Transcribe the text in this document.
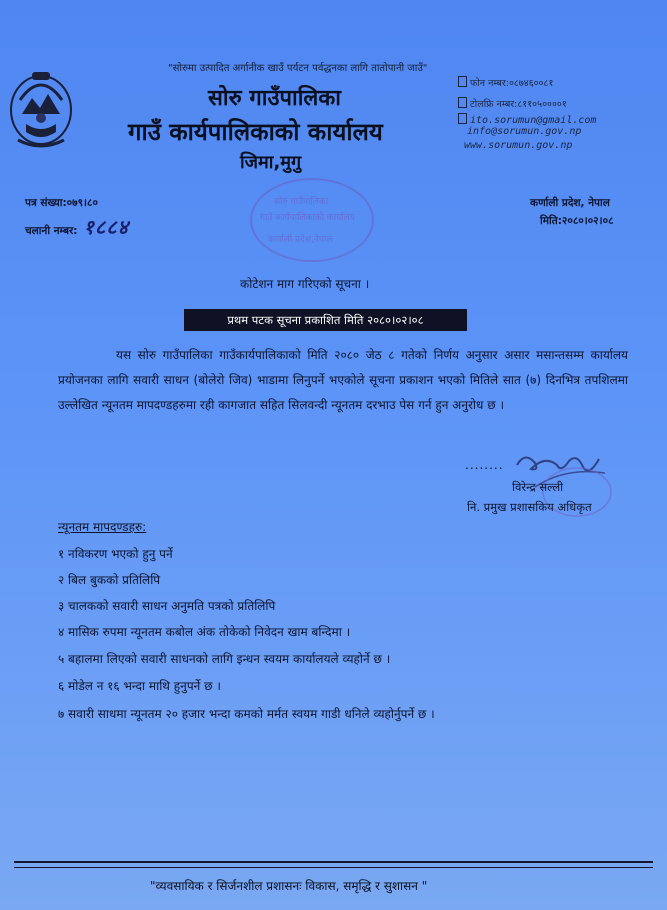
"सोरुमा उत्पादित अर्गानीक खाउँ पर्यटन पर्वद्धनका लागि तातोपानी जाउँ"
सोरु गाउँपालिका
गाउँ कार्यपालिकाको कार्यालय
जिमा,मुगु
फोन नम्बर:०८७४६००८१
टोलफ्रि नम्बर:८११०५००००१
ito.sorumun@gmail.com
info@sorumun.gov.np
www.sorumun.gov.np
सोरु गाउँपालिका
गाउँ कार्यपालिकाको कार्यालय
कर्णाली प्रदेश,नेपाल
पत्र संख्या:०७९।८०
चलानी नम्बर: १८८४
कर्णाली प्रदेश, नेपाल
मिति:२०८०।०२।०८
कोटेशन माग गरिएको सूचना ।
प्रथम पटक सूचना प्रकाशित मिति २०८०।०२।०८
यस सोरु गाउँपालिका गाउँकार्यपालिकाको मिति २०८० जेठ ८ गतेको निर्णय अनुसार असार मसान्तसम्म कार्यालय प्रयोजनका लागि सवारी साधन (बोलेरो जिव) भाडामा लिनुपर्ने भएकोले सूचना प्रकाशन भएको मितिले सात (७) दिनभित्र तपशिलमा उल्लेखित न्यूनतम मापदण्डहरुमा रही कागजात सहित सिलवन्दी न्यूनतम दरभाउ पेस गर्न हुन अनुरोध छ ।
........
विरेन्द्र सल्ली
नि. प्रमुख प्रशासकिय अधिकृत
न्यूनतम मापदण्डहरु:
१ नविकरण भएको हुनु पर्ने
२ बिल बुकको प्रतिलिपि
३ चालकको सवारी साधन अनुमति पत्रको प्रतिलिपि
४ मासिक रुपमा न्यूनतम कबोल अंक तोकेको निवेदन खाम बन्दिमा ।
५ बहालमा लिएको सवारी साधनको लागि इन्धन स्वयम कार्यालयले व्यहोर्ने छ ।
६ मोडेल न १६ भन्दा माथि हुनुपर्ने छ ।
७ सवारी साधमा न्यूनतम २० हजार भन्दा कमको मर्मत स्वयम गाडी धनिले व्यहोर्नुपर्ने छ ।
"व्यवसायिक र सिर्जनशील प्रशासनः विकास, समृद्धि र सुशासन "
